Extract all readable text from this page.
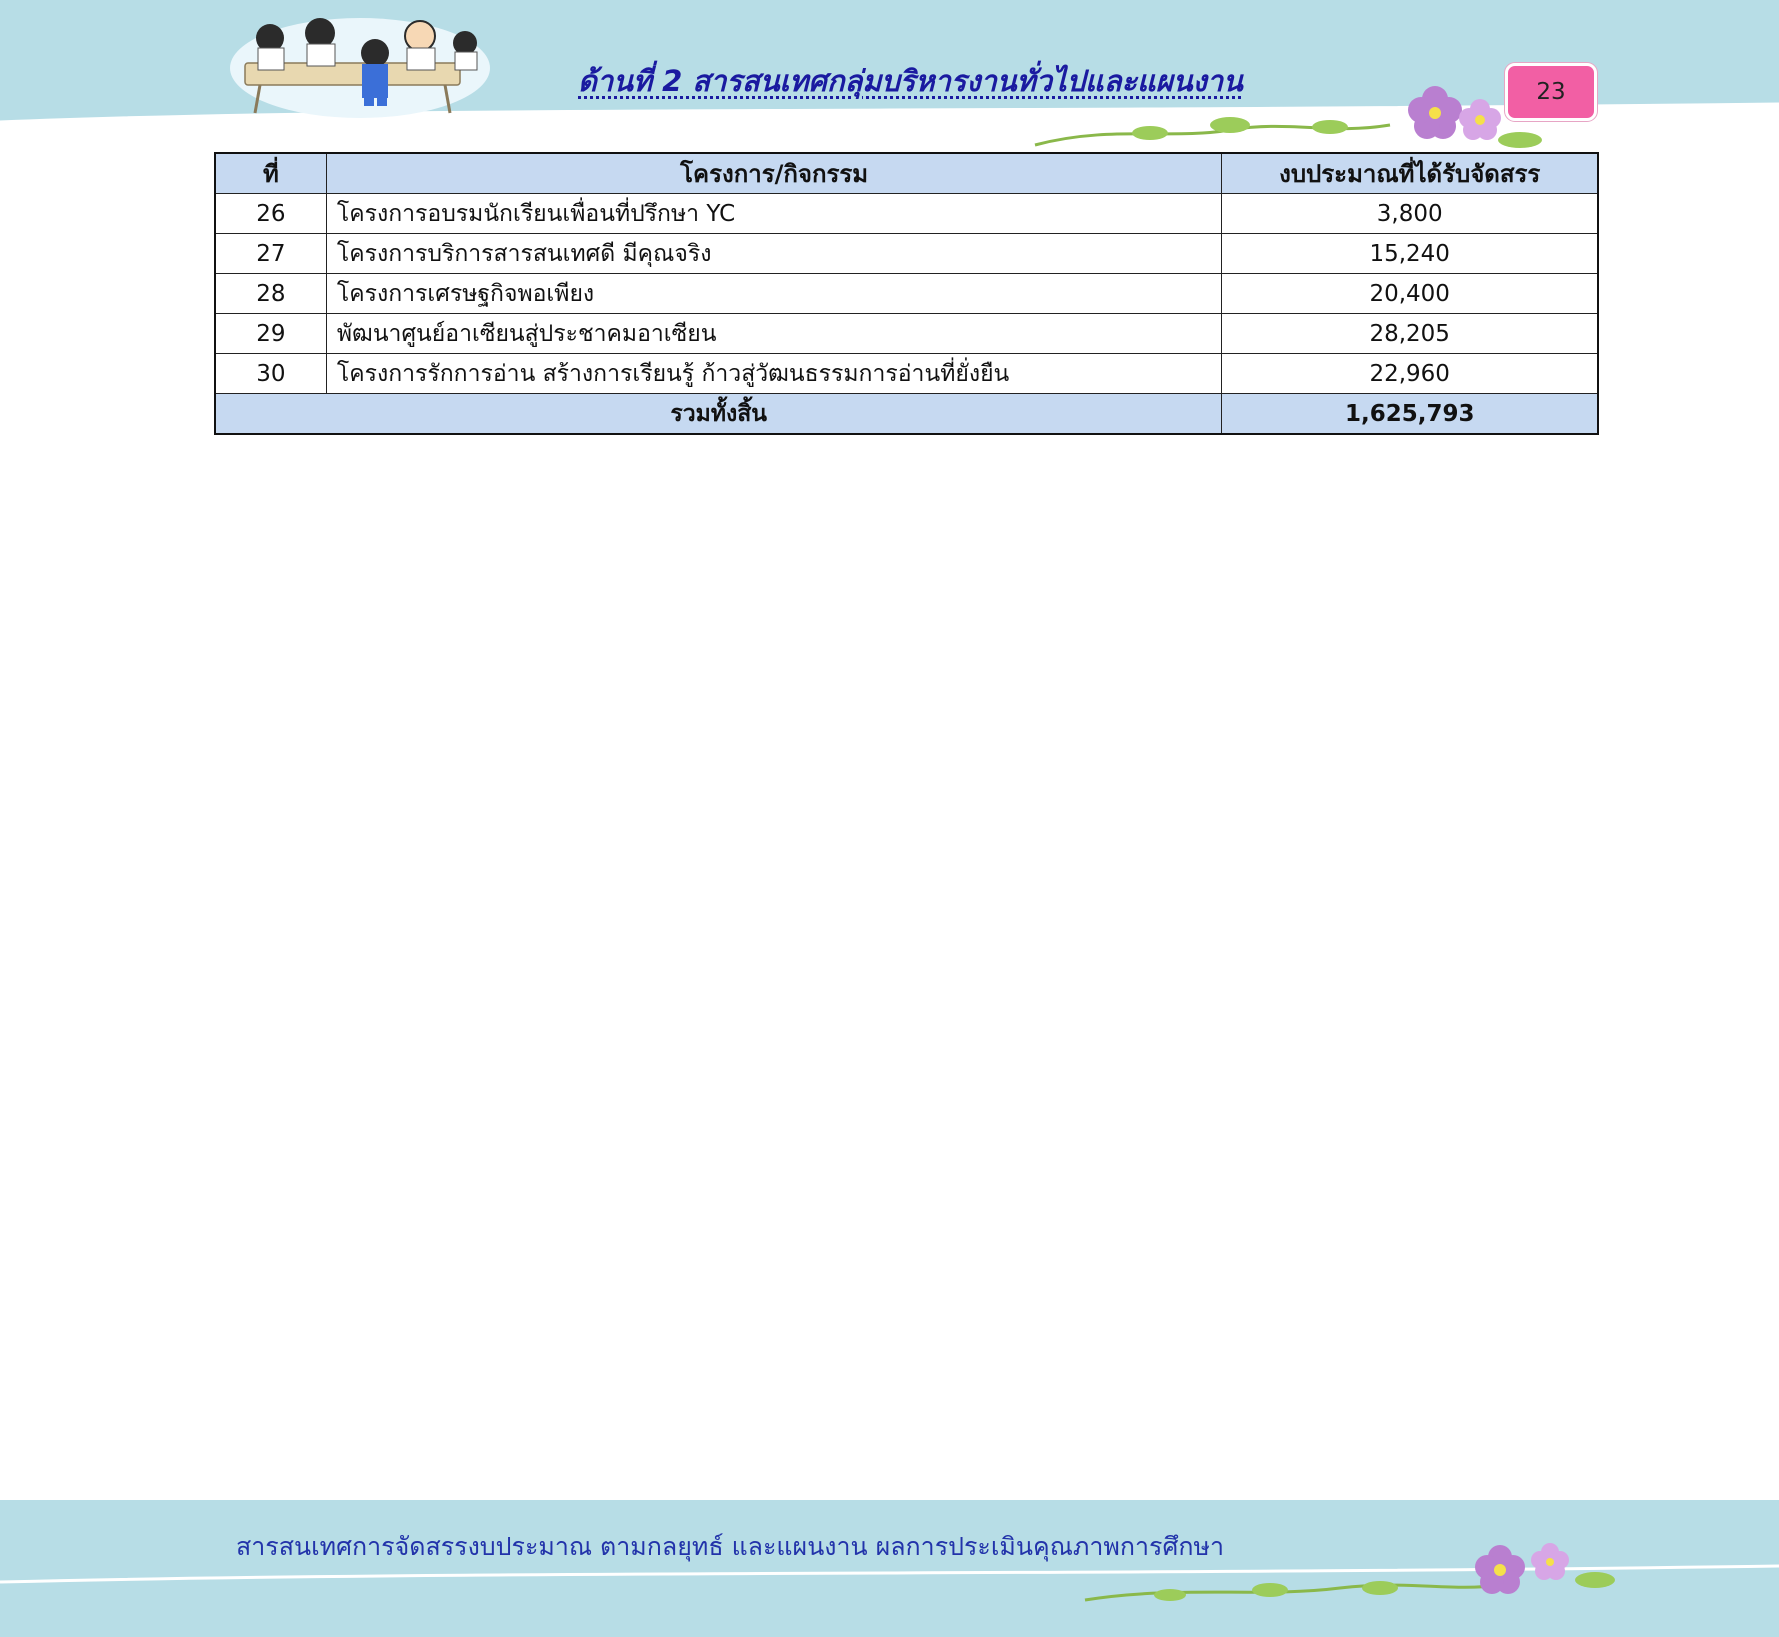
ด้านที่ 2 สารสนเทศกลุ่มบริหารงานทั่วไปและแผนงาน	23
ที่	โครงการ/กิจกรรม	งบประมาณที่ได้รับจัดสรร
26	โครงการอบรมนักเรียนเพื่อนที่ปรึกษา YC	3,800
27	โครงการบริการสารสนเทศดี มีคุณจริง	15,240
28	โครงการเศรษฐกิจพอเพียง	20,400
29	พัฒนาศูนย์อาเซียนสู่ประชาคมอาเซียน	28,205
30	โครงการรักการอ่าน สร้างการเรียนรู้ ก้าวสู่วัฒนธรรมการอ่านที่ยั่งยืน	22,960
รวมทั้งสิ้น		1,625,793
สารสนเทศการจัดสรรงบประมาณ ตามกลยุทธ์ และแผนงาน ผลการประเมินคุณภาพการศึกษา
